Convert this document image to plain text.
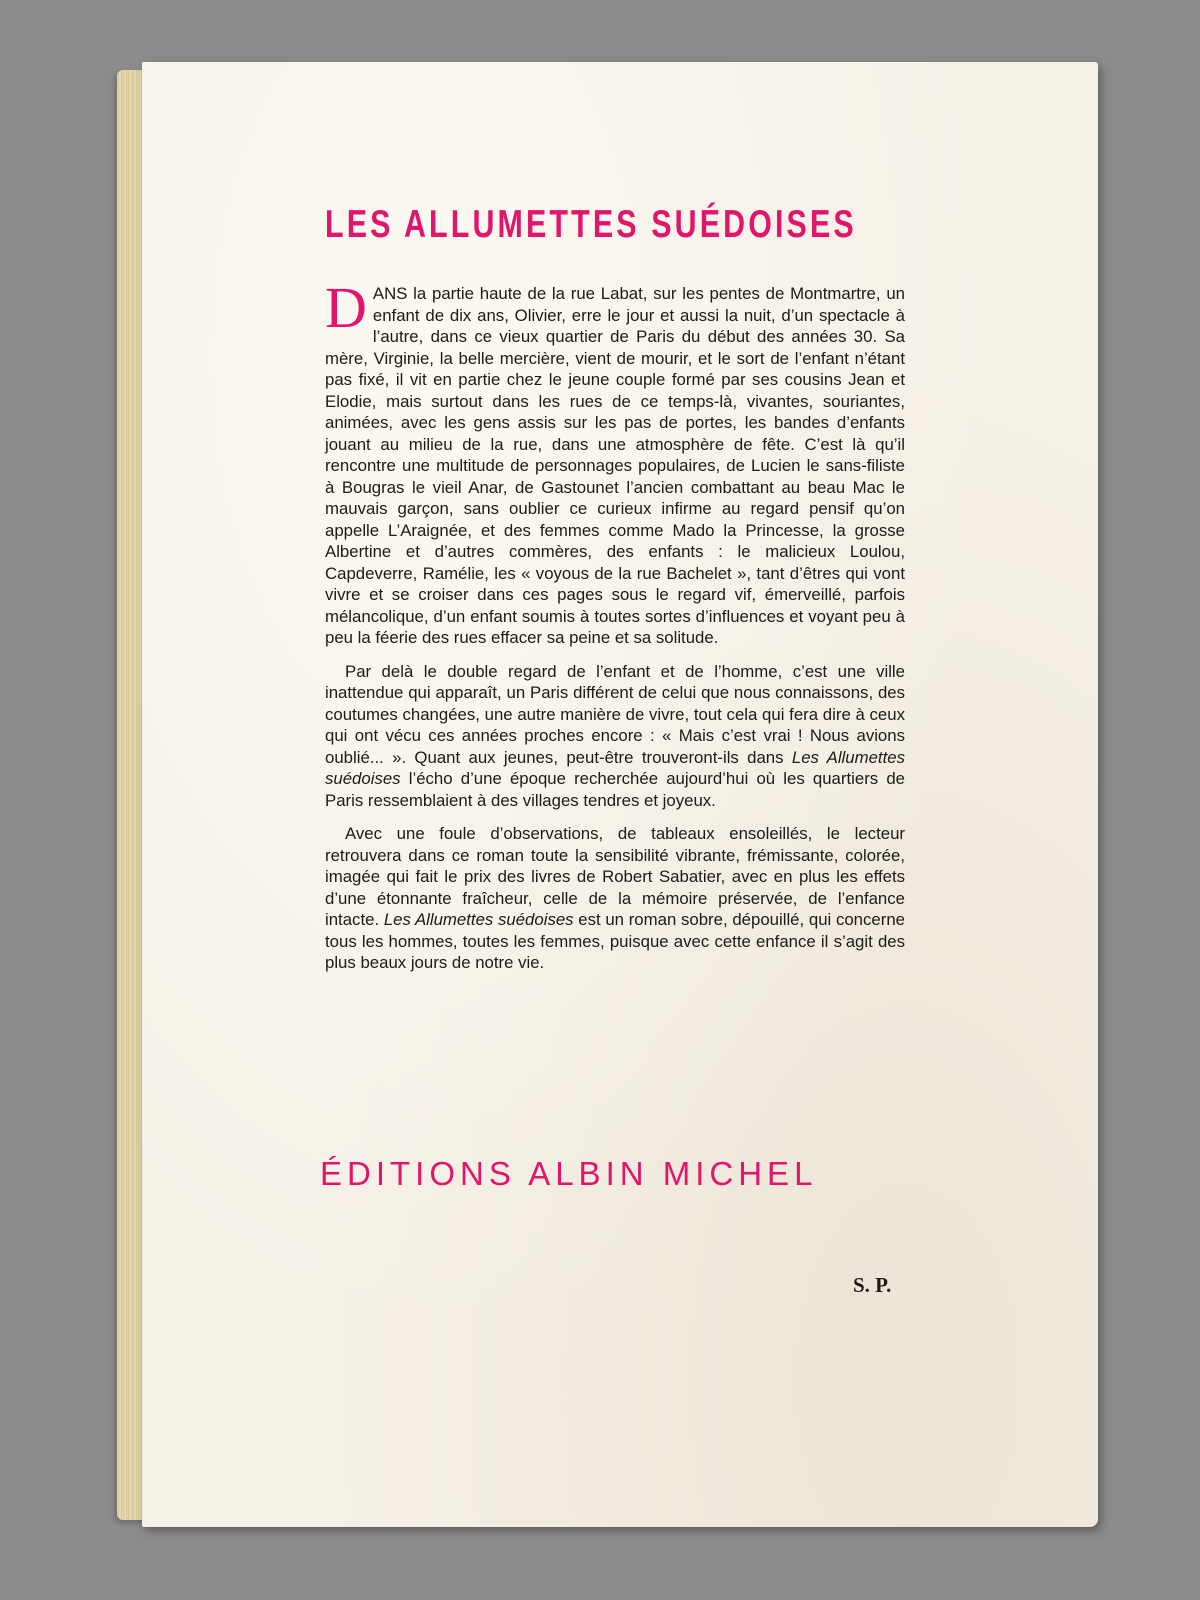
LES ALLUMETTES SUÉDOISES

DANS la partie haute de la rue Labat, sur les pentes de Montmartre, un enfant de dix ans, Olivier, erre le jour et aussi la nuit, d’un spectacle à l’autre, dans ce vieux quartier de Paris du début des années 30. Sa mère, Virginie, la belle mercière, vient de mourir, et le sort de l’enfant n’étant pas fixé, il vit en partie chez le jeune couple formé par ses cousins Jean et Elodie, mais surtout dans les rues de ce temps-là, vivantes, souriantes, animées, avec les gens assis sur les pas de portes, les bandes d’enfants jouant au milieu de la rue, dans une atmosphère de fête. C’est là qu’il rencontre une multitude de personnages populaires, de Lucien le sans-filiste à Bougras le vieil Anar, de Gastounet l’ancien combattant au beau Mac le mauvais garçon, sans oublier ce curieux infirme au regard pensif qu’on appelle L’Araignée, et des femmes comme Mado la Princesse, la grosse Albertine et d’autres commères, des enfants : le malicieux Loulou, Capdeverre, Ramélie, les « voyous de la rue Bachelet », tant d’êtres qui vont vivre et se croiser dans ces pages sous le regard vif, émerveillé, parfois mélancolique, d’un enfant soumis à toutes sortes d’influences et voyant peu à peu la féerie des rues effacer sa peine et sa solitude.

Par delà le double regard de l’enfant et de l’homme, c’est une ville inattendue qui apparaît, un Paris différent de celui que nous connaissons, des coutumes changées, une autre manière de vivre, tout cela qui fera dire à ceux qui ont vécu ces années proches encore : « Mais c’est vrai ! Nous avions oublié... ». Quant aux jeunes, peut-être trouveront-ils dans Les Allumettes suédoises l’écho d’une époque recherchée aujourd’hui où les quartiers de Paris ressemblaient à des villages tendres et joyeux.

Avec une foule d’observations, de tableaux ensoleillés, le lecteur retrouvera dans ce roman toute la sensibilité vibrante, frémissante, colorée, imagée qui fait le prix des livres de Robert Sabatier, avec en plus les effets d’une étonnante fraîcheur, celle de la mémoire préservée, de l’enfance intacte. Les Allumettes suédoises est un roman sobre, dépouillé, qui concerne tous les hommes, toutes les femmes, puisque avec cette enfance il s’agit des plus beaux jours de notre vie.

ÉDITIONS ALBIN MICHEL

S. P.
